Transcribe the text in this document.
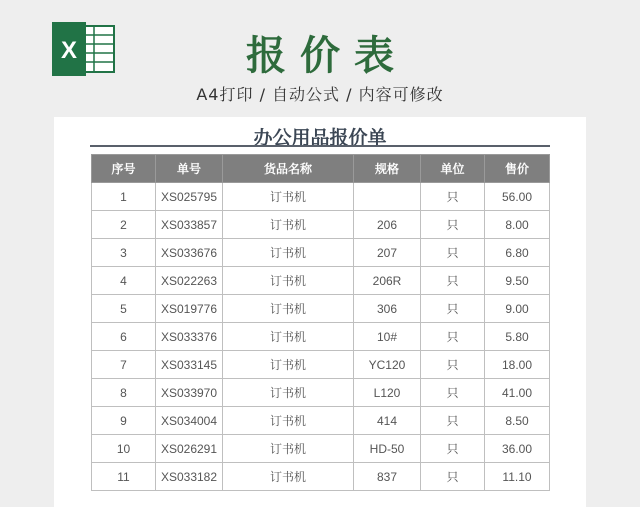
X	报价表
A4打印 / 自动公式 / 内容可修改
办公用品报价单
序号	单号	货品名称	规格	单位	售价
1	XS025795	订书机		只	56.00
2	XS033857	订书机	206	只	8.00
3	XS033676	订书机	207	只	6.80
4	XS022263	订书机	206R	只	9.50
5	XS019776	订书机	306	只	9.00
6	XS033376	订书机	10#	只	5.80
7	XS033145	订书机	YC120	只	18.00
8	XS033970	订书机	L120	只	41.00
9	XS034004	订书机	414	只	8.50
10	XS026291	订书机	HD-50	只	36.00
11	XS033182	订书机	837	只	11.10
